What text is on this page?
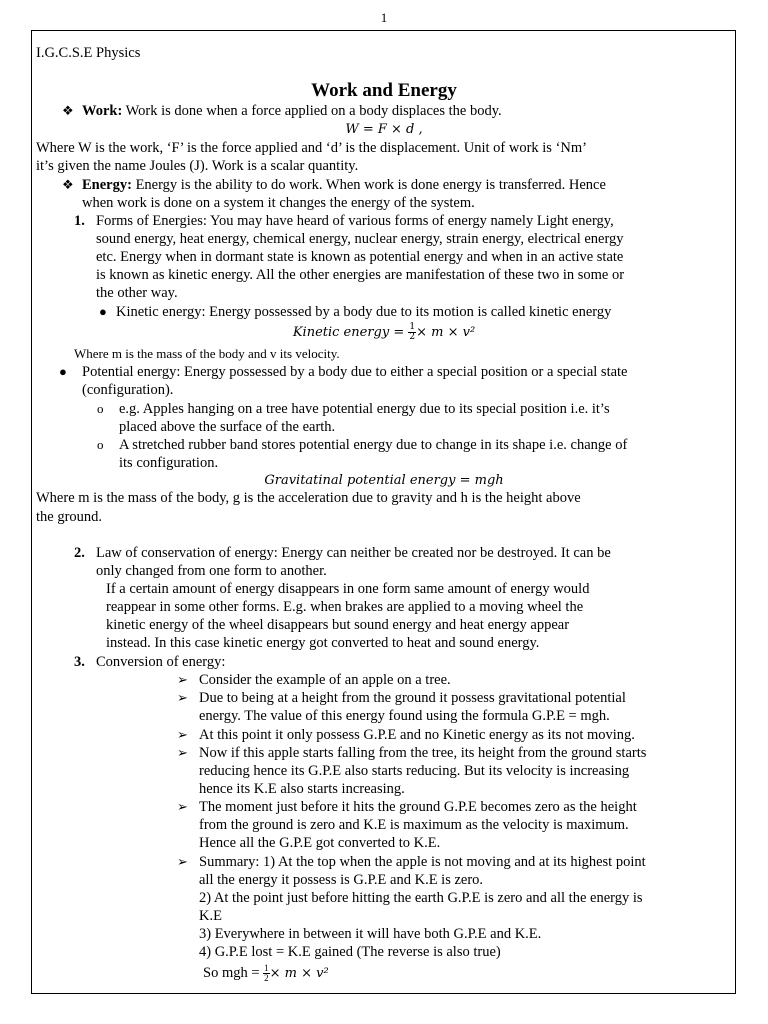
1
I.G.C.S.E Physics
Work and Energy
❖ Work: Work is done when a force applied on a body displaces the body.
W = F × d ,
Where W is the work, ‘F’ is the force applied and ‘d’ is the displacement. Unit of work is ‘Nm’
it’s given the name Joules (J). Work is a scalar quantity.
❖ Energy: Energy is the ability to do work. When work is done energy is transferred. Hence
when work is done on a system it changes the energy of the system.
1. Forms of Energies: You may have heard of various forms of energy namely Light energy,
sound energy, heat energy, chemical energy, nuclear energy, strain energy, electrical energy
etc. Energy when in dormant state is known as potential energy and when in an active state
is known as kinetic energy. All the other energies are manifestation of these two in some or
the other way.
● Kinetic energy: Energy possessed by a body due to its motion is called kinetic energy
Kinetic energy = $\frac{1}{2} \times m \times v^2$
Where m is the mass of the body and v its velocity.
● Potential energy: Energy possessed by a body due to either a special position or a special state
(configuration).
o e.g. Apples hanging on a tree have potential energy due to its special position i.e. it’s
placed above the surface of the earth.
o A stretched rubber band stores potential energy due to change in its shape i.e. change of
its configuration.
Gravitatinal potential energy = mgh
Where m is the mass of the body, g is the acceleration due to gravity and h is the height above
the ground.
2. Law of conservation of energy: Energy can neither be created nor be destroyed. It can be
only changed from one form to another.
If a certain amount of energy disappears in one form same amount of energy would
reappear in some other forms. E.g. when brakes are applied to a moving wheel the
kinetic energy of the wheel disappears but sound energy and heat energy appear
instead. In this case kinetic energy got converted to heat and sound energy.
3. Conversion of energy:
➢ Consider the example of an apple on a tree.
➢ Due to being at a height from the ground it possess gravitational potential
energy. The value of this energy found using the formula G.P.E = mgh.
➢ At this point it only possess G.P.E and no Kinetic energy as its not moving.
➢ Now if this apple starts falling from the tree, its height from the ground starts
reducing hence its G.P.E also starts reducing. But its velocity is increasing
hence its K.E also starts increasing.
➢ The moment just before it hits the ground G.P.E becomes zero as the height
from the ground is zero and K.E is maximum as the velocity is maximum.
Hence all the G.P.E got converted to K.E.
➢ Summary: 1) At the top when the apple is not moving and at its highest point
all the energy it possess is G.P.E and K.E is zero.
2) At the point just before hitting the earth G.P.E is zero and all the energy is
K.E
3) Everywhere in between it will have both G.P.E and K.E.
4) G.P.E lost = K.E gained (The reverse is also true)
So mgh = $\frac{1}{2} \times m \times v^2$
